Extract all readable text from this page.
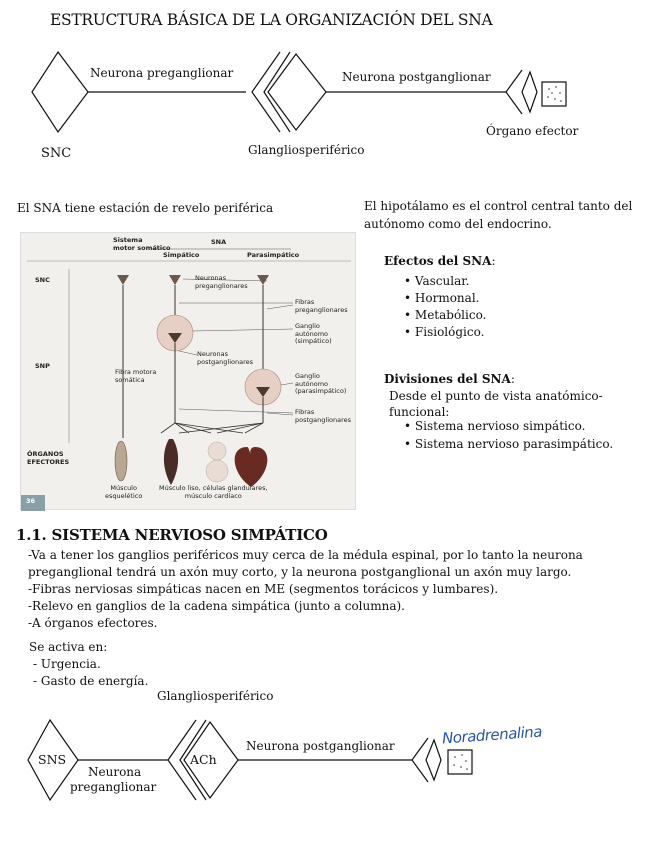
ESTRUCTURA BÁSICA DE LA ORGANIZACIÓN DEL SNA
Neurona preganglionar	Neurona postganglionar
SNC	Glangliosperiférico
Órgano efector
El SNA tiene estación de revelo periférica	El hipotálamo es el control central tanto del
autónomo como del endocrino.
Efectos del SNA:
• Vascular.
• Hormonal.
• Metabólico.
• Fisiológico.
Divisiones del SNA:
Desde el punto de vista anatómico-
funcional:
• Sistema nervioso simpático.
• Sistema nervioso parasimpático.
Sistema
motor somático
SNA
Simpático	Parasimpático
SNC
SNP
ÓRGANOS
EFECTORES
Neuronas
preganglionares
Fibras
preganglionares
Ganglio
autónomo
(simpático)
Neuronas
postganglionares
Fibra motora
somática	Ganglio
autónomo
(parasimpático)
Fibras
postganglionares
Músculo
esquelético
Músculo liso, células glandulares,
músculo cardíaco
36
1.1. SISTEMA NERVIOSO SIMPÁTICO
-Va a tener los ganglios periféricos muy cerca de la médula espinal, por lo tanto la neurona
preganglional tendrá un axón muy corto, y la neurona postganglional un axón muy largo.
-Fibras nerviosas simpáticas nacen en ME (segmentos torácicos y lumbares).
-Relevo en ganglios de la cadena simpática (junto a columna).
-A órganos efectores.
Se activa en:
- Urgencia.
- Gasto de energía.
Glangliosperiférico
SNS	ACh
Neurona postganglionar
Neurona
preganglionar
Noradrenalina
